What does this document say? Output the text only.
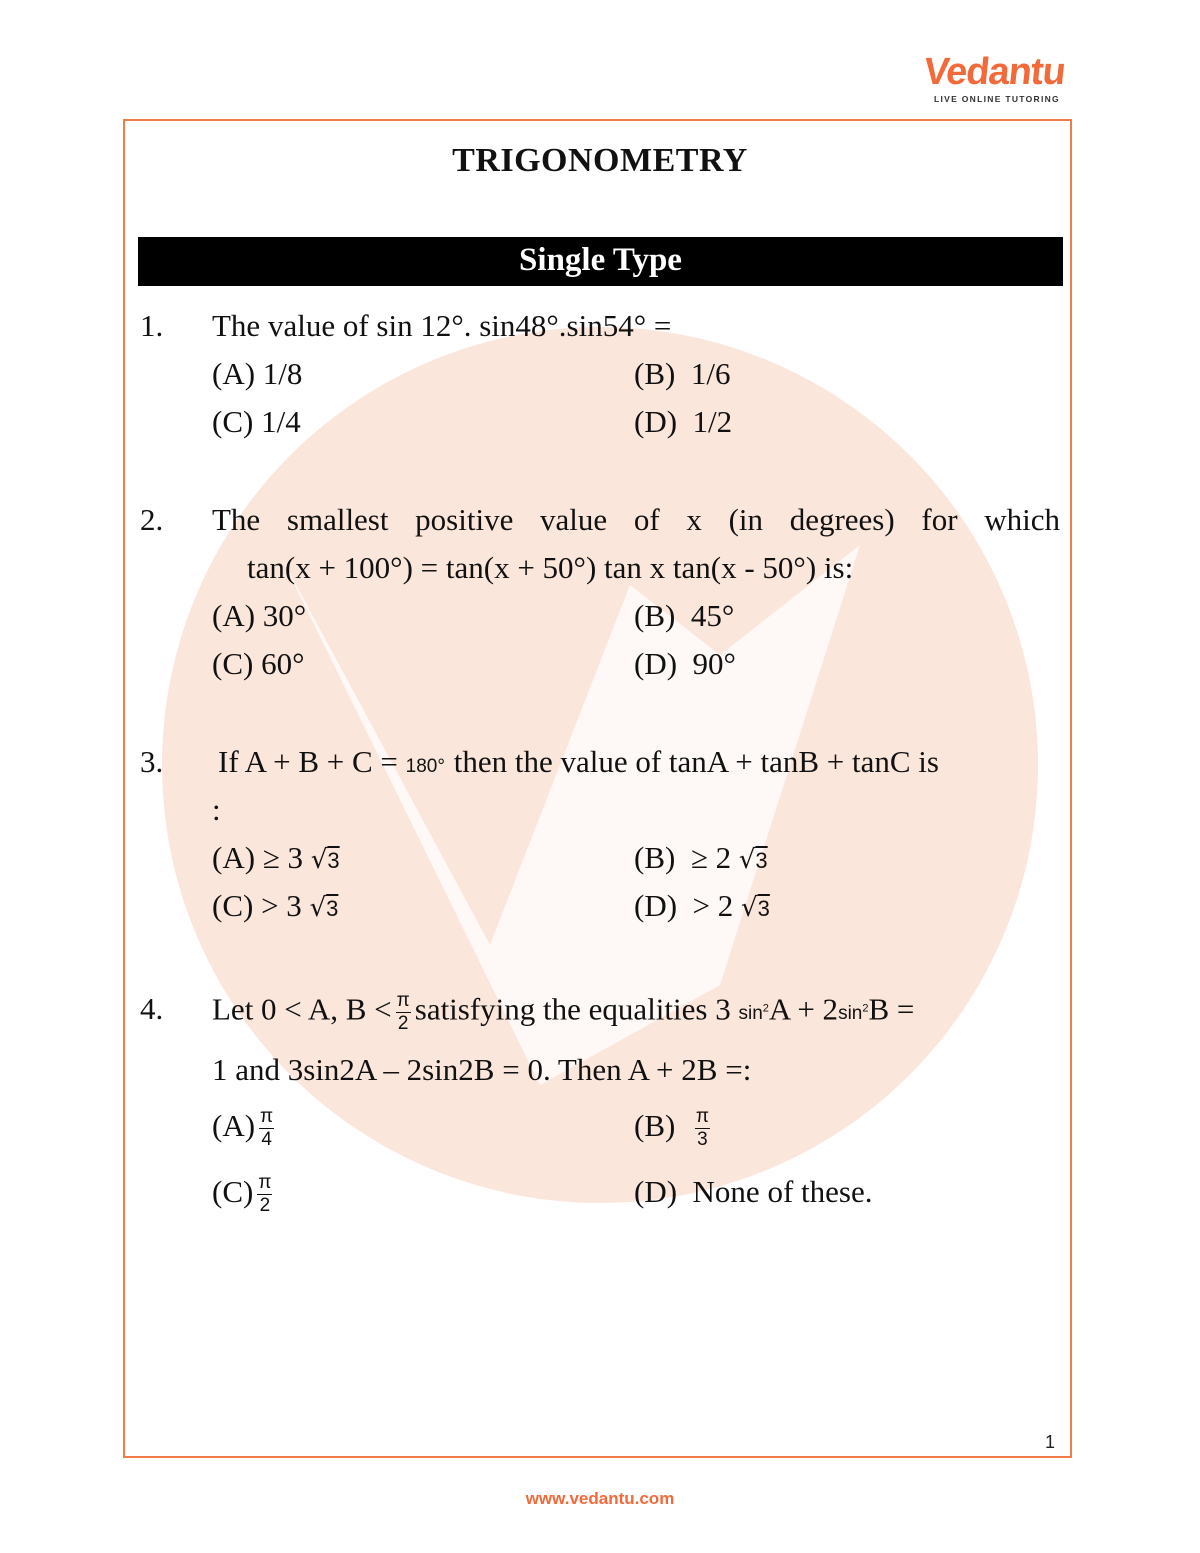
Vedantu
LIVE ONLINE TUTORING
TRIGONOMETRY
Single Type
1. The value of sin 12°. sin48°.sin54° =
(A) 1/8	(B) 1/6
(C) 1/4	(D) 1/2
2. The smallest positive value of x (in degrees) for which
tan(x + 100°) = tan(x + 50°) tan x tan(x - 50°) is:
(A) 30°	(B) 45°
(C) 60°	(D) 90°
3. If A + B + C = 180° then the value of tanA + tanB + tanC is
:
(A) ≥ 3 √3	(B) ≥ 2 √3
(C) > 3 √3	(D) > 2 √3
4. Let 0 < A, $B < \frac{\pi}{2}$ satisfying the equalities 3 $\sin^2A + 2\sin^2B$ =
1 and 3sin2A – 2sin2B = 0. Then A + 2B =:
$(A) \frac{\pi}{4}$	$(B) \frac{\pi}{3}$
$(C) \frac{\pi}{2}$	(D) None of these.
1
www.vedantu.com
